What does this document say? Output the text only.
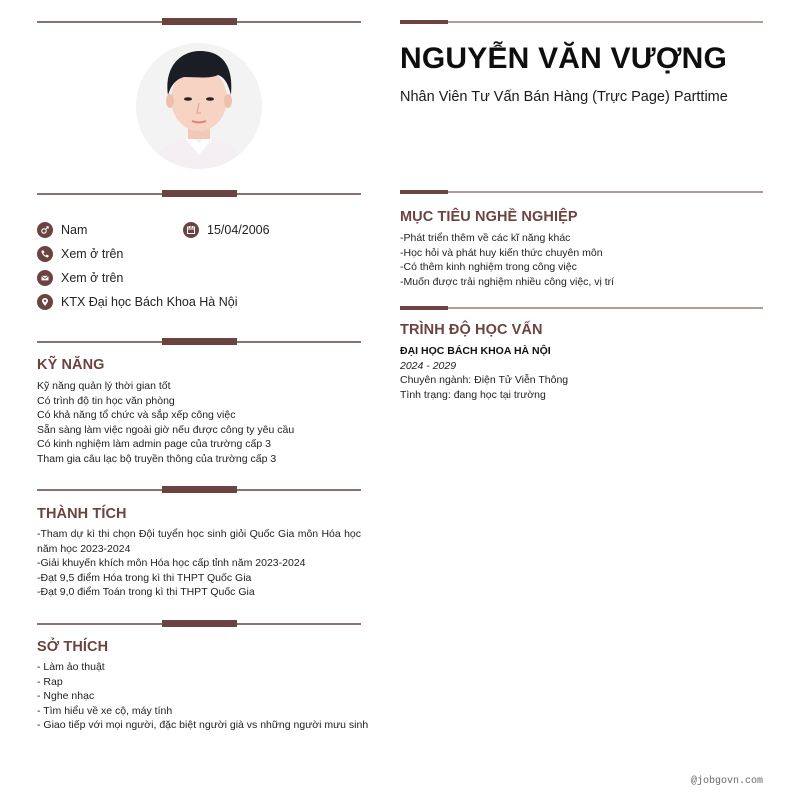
Nam	15/04/2006
Xem ở trên
Xem ở trên
KTX Đại học Bách Khoa Hà Nội
KỸ NĂNG
Kỹ năng quản lý thời gian tốt
Có trình độ tin học văn phòng
Có khả năng tổ chức và sắp xếp công việc
Sẵn sàng làm việc ngoài giờ nếu được công ty yêu cầu
Có kinh nghiệm làm admin page của trường cấp 3
Tham gia câu lạc bộ truyền thông của trường cấp 3
THÀNH TÍCH
-Tham dự kì thi chọn Đội tuyển học sinh giỏi Quốc Gia môn Hóa học năm học 2023-2024
-Giải khuyến khích môn Hóa học cấp tỉnh năm 2023-2024
-Đạt 9,5 điểm Hóa trong kì thi THPT Quốc Gia
-Đạt 9,0 điểm Toán trong kì thi THPT Quốc Gia
SỞ THÍCH
- Làm ảo thuật
- Rap
- Nghe nhạc
- Tìm hiểu về xe cộ, máy tính
- Giao tiếp với mọi người, đặc biệt người già vs những người mưu sinh
NGUYỄN VĂN VƯỢNG
Nhân Viên Tư Vấn Bán Hàng (Trực Page) Parttime
MỤC TIÊU NGHỀ NGHIỆP
-Phát triển thêm về các kĩ năng khác
-Học hỏi và phát huy kiến thức chuyên môn
-Có thêm kinh nghiệm trong công việc
-Muốn được trải nghiệm nhiều công việc, vị trí
TRÌNH ĐỘ HỌC VẤN
ĐẠI HỌC BÁCH KHOA HÀ NỘI
2024 - 2029
Chuyên ngành: Điện Tử Viễn Thông
Tình trạng: đang học tại trường
@jobgovn.com
